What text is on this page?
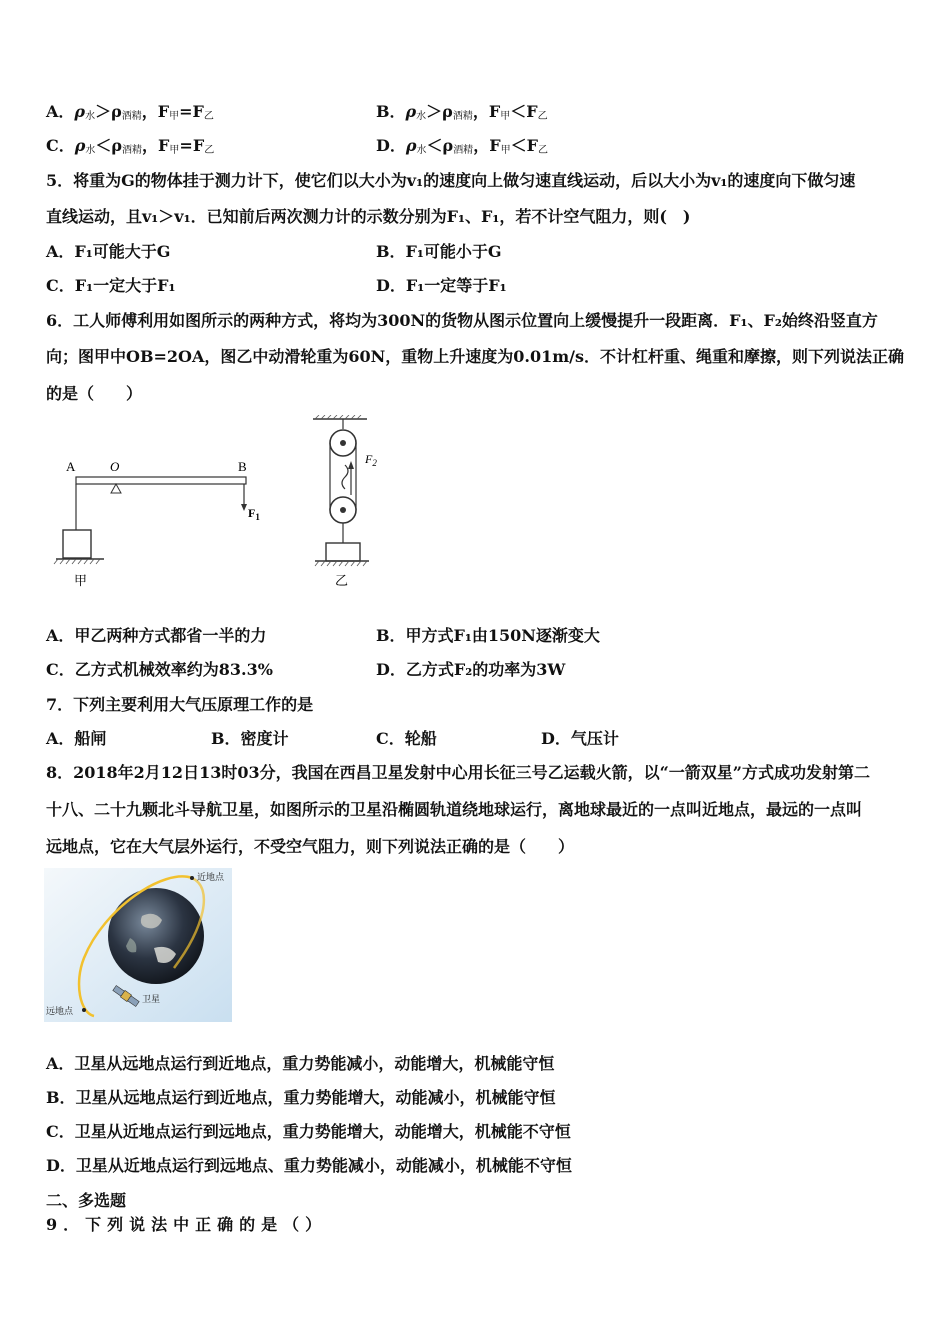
A．ρ水＞ρ酒精，F甲=F乙	B．ρ水＞ρ酒精，F甲＜F乙
C．ρ水＜ρ酒精，F甲=F乙	D．ρ水＜ρ酒精，F甲＜F乙
5．将重为G的物体挂于测力计下，使它们以大小为v₁的速度向上做匀速直线运动，后以大小为v₁的速度向下做匀速
直线运动，且v₁＞v₁．已知前后两次测力计的示数分别为F₁、F₁，若不计空气阻力，则(　)
A．F₁可能大于G	B．F₁可能小于G
C．F₁一定大于F₁	D．F₁一定等于F₁
6．工人师傅利用如图所示的两种方式，将均为300N的货物从图示位置向上缓慢提升一段距离．F₁、F₂始终沿竖直方
向；图甲中OB=2OA，图乙中动滑轮重为60N，重物上升速度为0.01m/s．不计杠杆重、绳重和摩擦，则下列说法正确
的是（　　）
A	O	B
$F_1$
甲
$F_2$
乙
A．甲乙两种方式都省一半的力	B．甲方式F₁由150N逐渐变大
C．乙方式机械效率约为83.3%	D．乙方式F₂的功率为3W
7．下列主要利用大气压原理工作的是
A．船闸	B．密度计	C．轮船	D．气压计
8．2018年2月12日13时03分，我国在西昌卫星发射中心用长征三号乙运载火箭，以“一箭双星”方式成功发射第二
十八、二十九颗北斗导航卫星，如图所示的卫星沿椭圆轨道绕地球运行，离地球最近的一点叫近地点，最远的一点叫
远地点，它在大气层外运行，不受空气阻力，则下列说法正确的是（　　）
近地点
远地点
卫星
A．卫星从远地点运行到近地点，重力势能减小，动能增大，机械能守恒
B．卫星从远地点运行到近地点，重力势能增大，动能减小，机械能守恒
C．卫星从近地点运行到远地点，重力势能增大，动能增大，机械能不守恒
D．卫星从近地点运行到远地点、重力势能减小，动能减小，机械能不守恒
二、多选题
9．下列说法中正确的是（）
